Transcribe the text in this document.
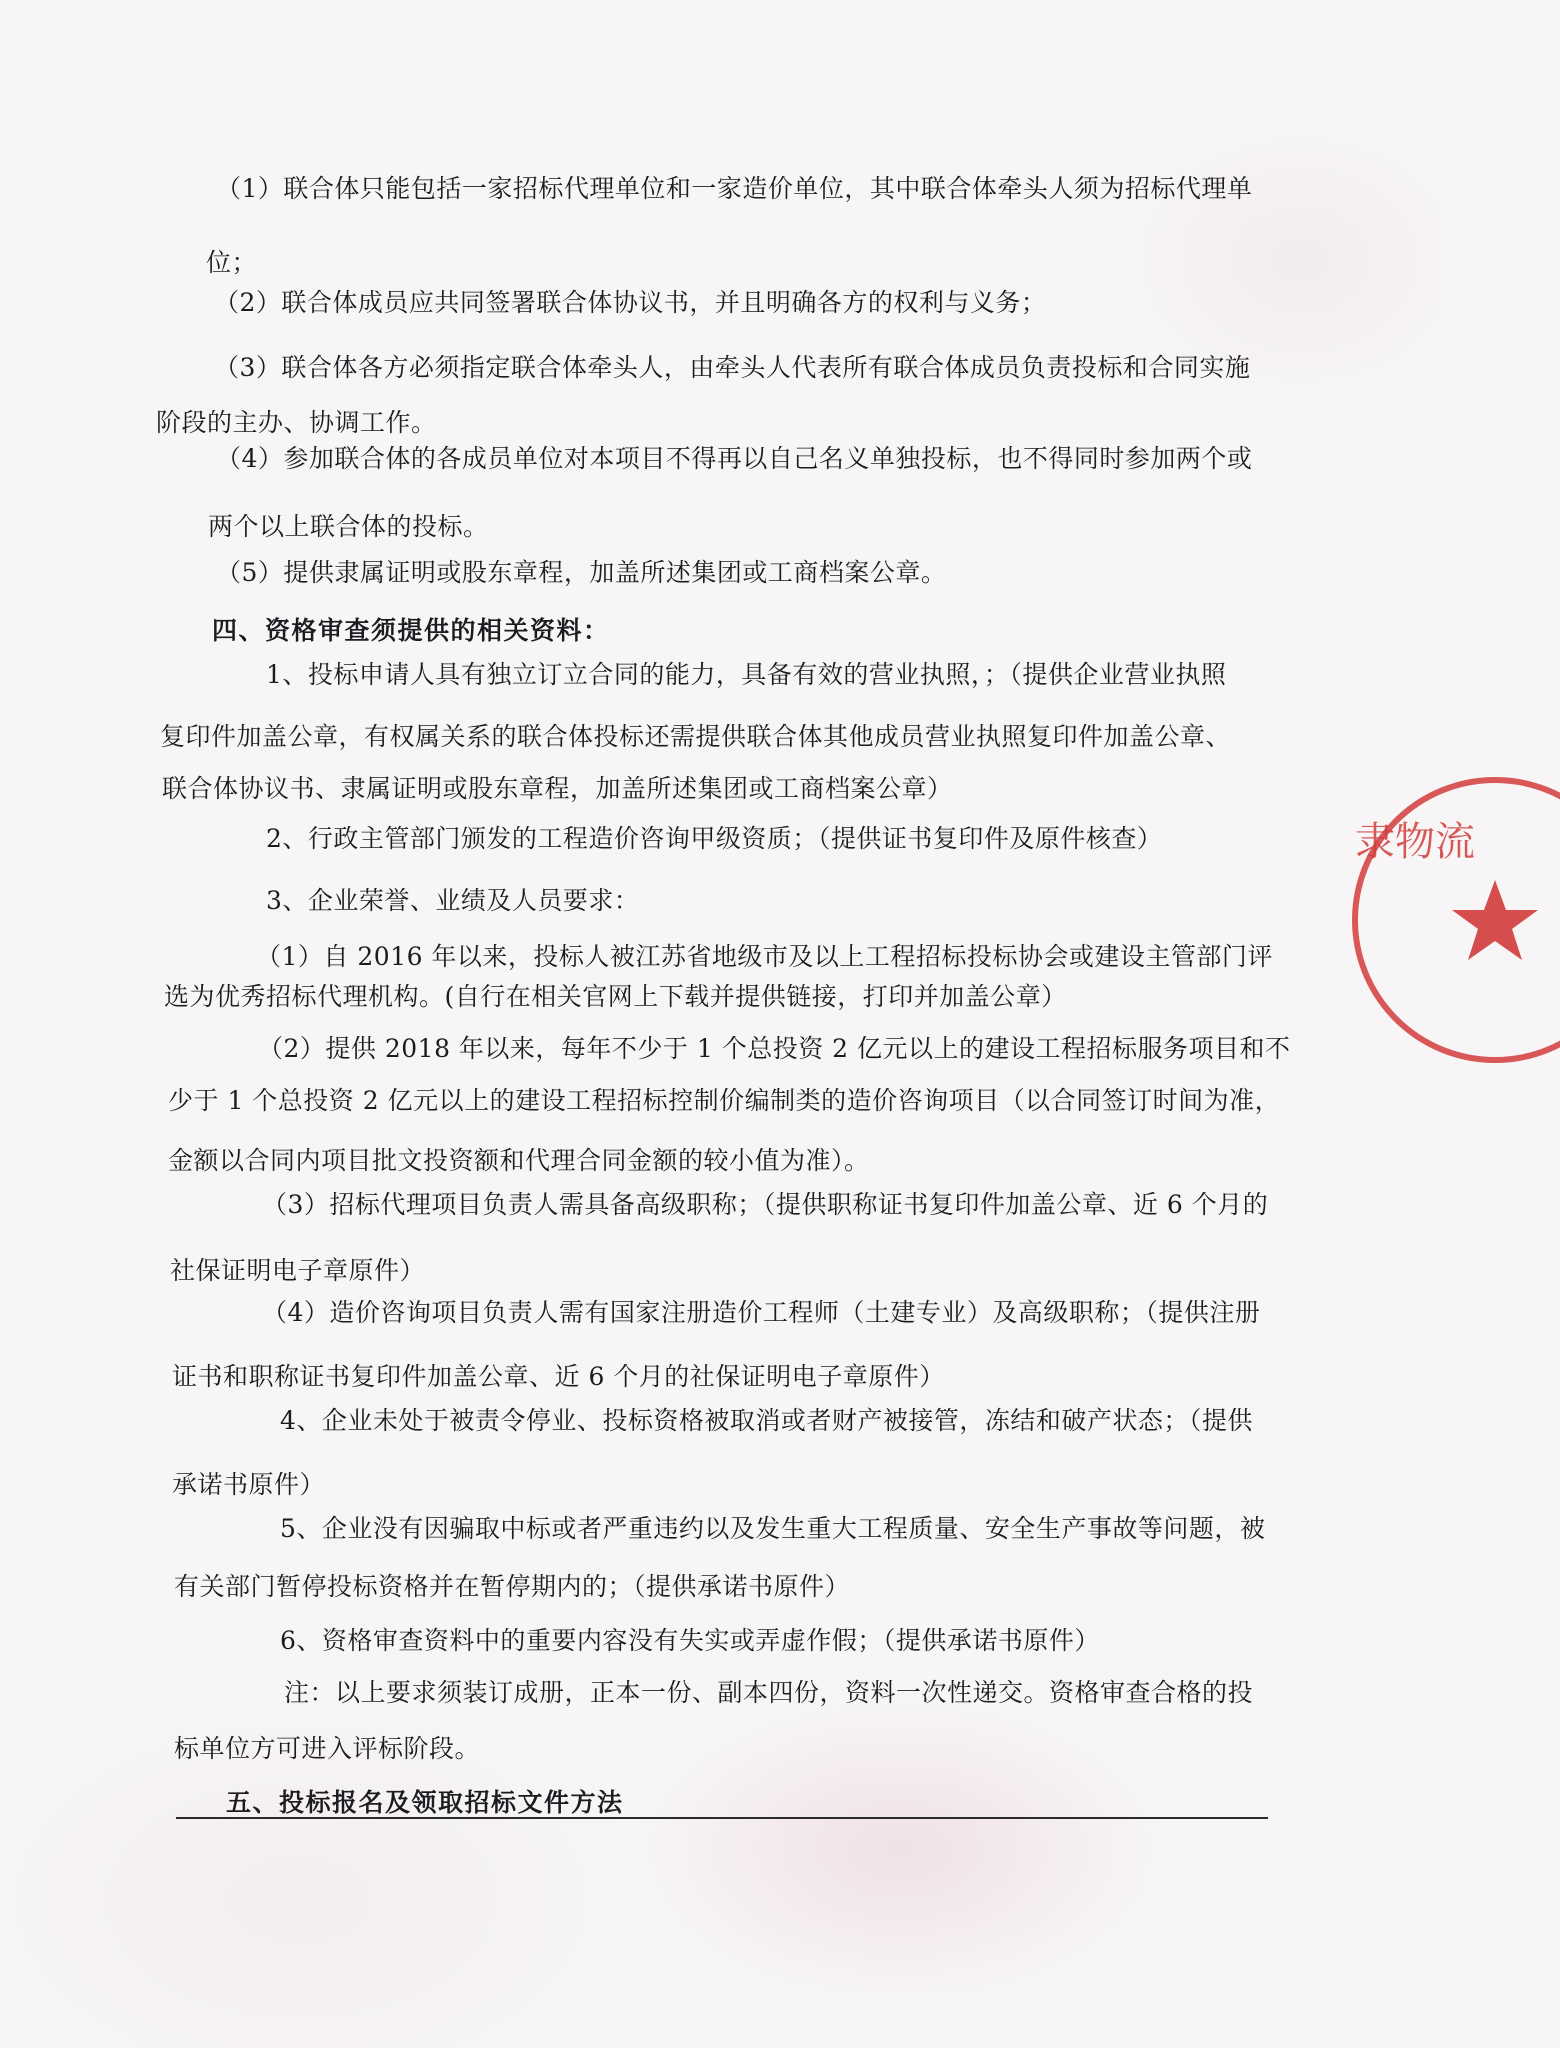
（1）联合体只能包括一家招标代理单位和一家造价单位，其中联合体牵头人须为招标代理单
位；
（2）联合体成员应共同签署联合体协议书，并且明确各方的权利与义务；
（3）联合体各方必须指定联合体牵头人，由牵头人代表所有联合体成员负责投标和合同实施
阶段的主办、协调工作。
（4）参加联合体的各成员单位对本项目不得再以自己名义单独投标，也不得同时参加两个或
两个以上联合体的投标。
（5）提供隶属证明或股东章程，加盖所述集团或工商档案公章。
四、资格审查须提供的相关资料：
1、投标申请人具有独立订立合同的能力，具备有效的营业执照，；（提供企业营业执照
复印件加盖公章，有权属关系的联合体投标还需提供联合体其他成员营业执照复印件加盖公章、
联合体协议书、隶属证明或股东章程，加盖所述集团或工商档案公章）
2、行政主管部门颁发的工程造价咨询甲级资质；（提供证书复印件及原件核查）
3、企业荣誉、业绩及人员要求：
（1）自 2016 年以来，投标人被江苏省地级市及以上工程招标投标协会或建设主管部门评
选为优秀招标代理机构。(自行在相关官网上下载并提供链接，打印并加盖公章）
（2）提供 2018 年以来，每年不少于 1 个总投资 2 亿元以上的建设工程招标服务项目和不
少于 1 个总投资 2 亿元以上的建设工程招标控制价编制类的造价咨询项目（以合同签订时间为准，
金额以合同内项目批文投资额和代理合同金额的较小值为准）。
（3）招标代理项目负责人需具备高级职称；（提供职称证书复印件加盖公章、近 6 个月的
社保证明电子章原件）
（4）造价咨询项目负责人需有国家注册造价工程师（土建专业）及高级职称；（提供注册
证书和职称证书复印件加盖公章、近 6 个月的社保证明电子章原件）
4、企业未处于被责令停业、投标资格被取消或者财产被接管，冻结和破产状态；（提供
承诺书原件）
5、企业没有因骗取中标或者严重违约以及发生重大工程质量、安全生产事故等问题，被
有关部门暂停投标资格并在暂停期内的；（提供承诺书原件）
6、资格审查资料中的重要内容没有失实或弄虚作假；（提供承诺书原件）
注：以上要求须装订成册，正本一份、副本四份，资料一次性递交。资格审查合格的投
标单位方可进入评标阶段。
五、投标报名及领取招标文件方法
隶物流
